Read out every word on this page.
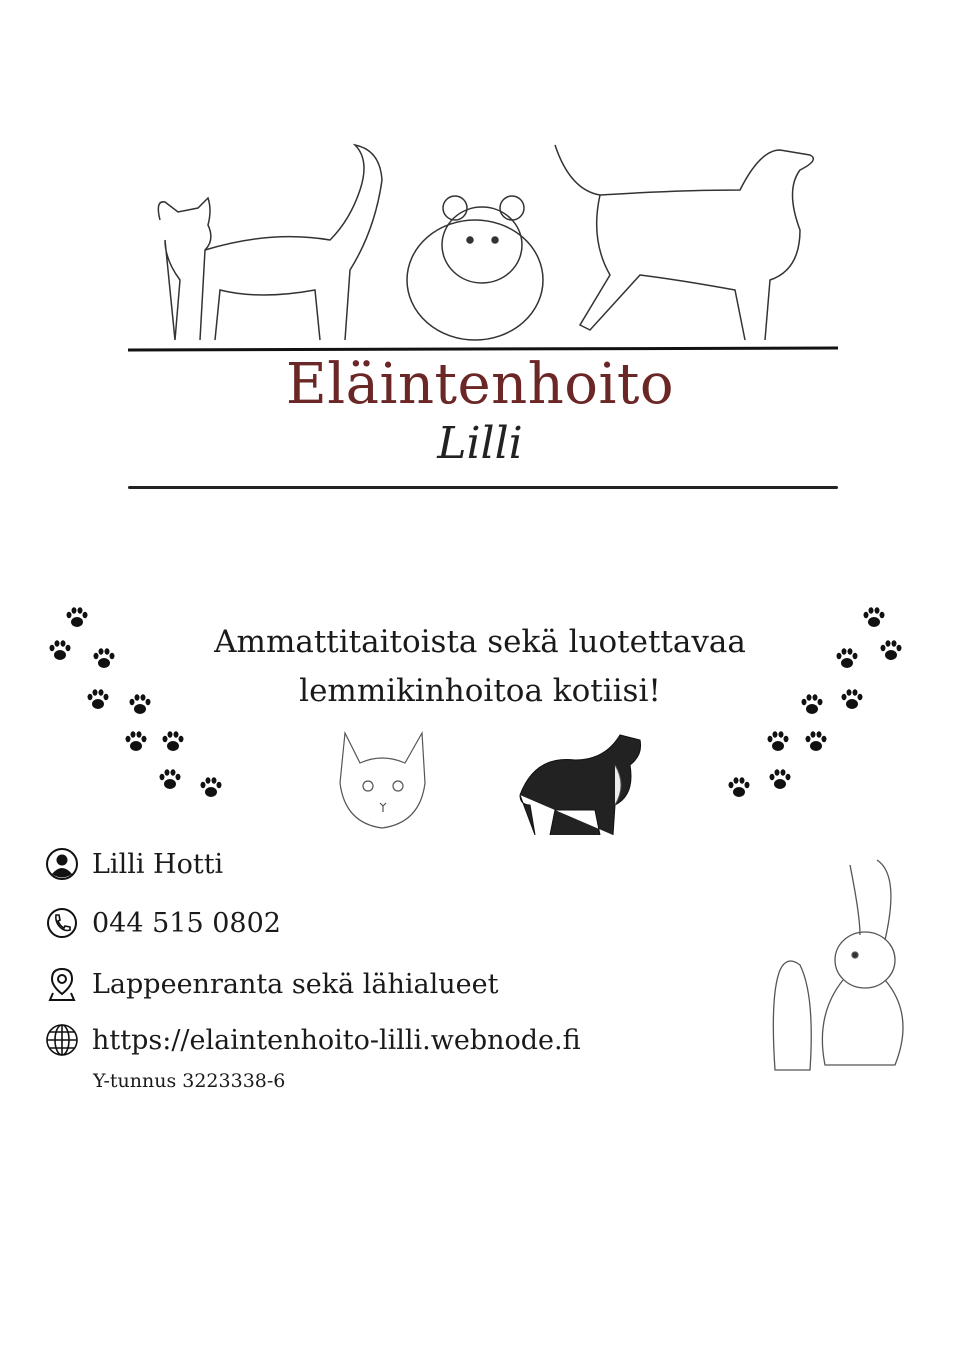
Eläintenhoito
Lilli
Ammattitaitoista sekä luotettavaa
lemmikinhoitoa kotiisi!
Lilli Hotti
044 515 0802
Lappeenranta sekä lähialueet
https://elaintenhoito-lilli.webnode.fi
Y-tunnus 3223338-6
